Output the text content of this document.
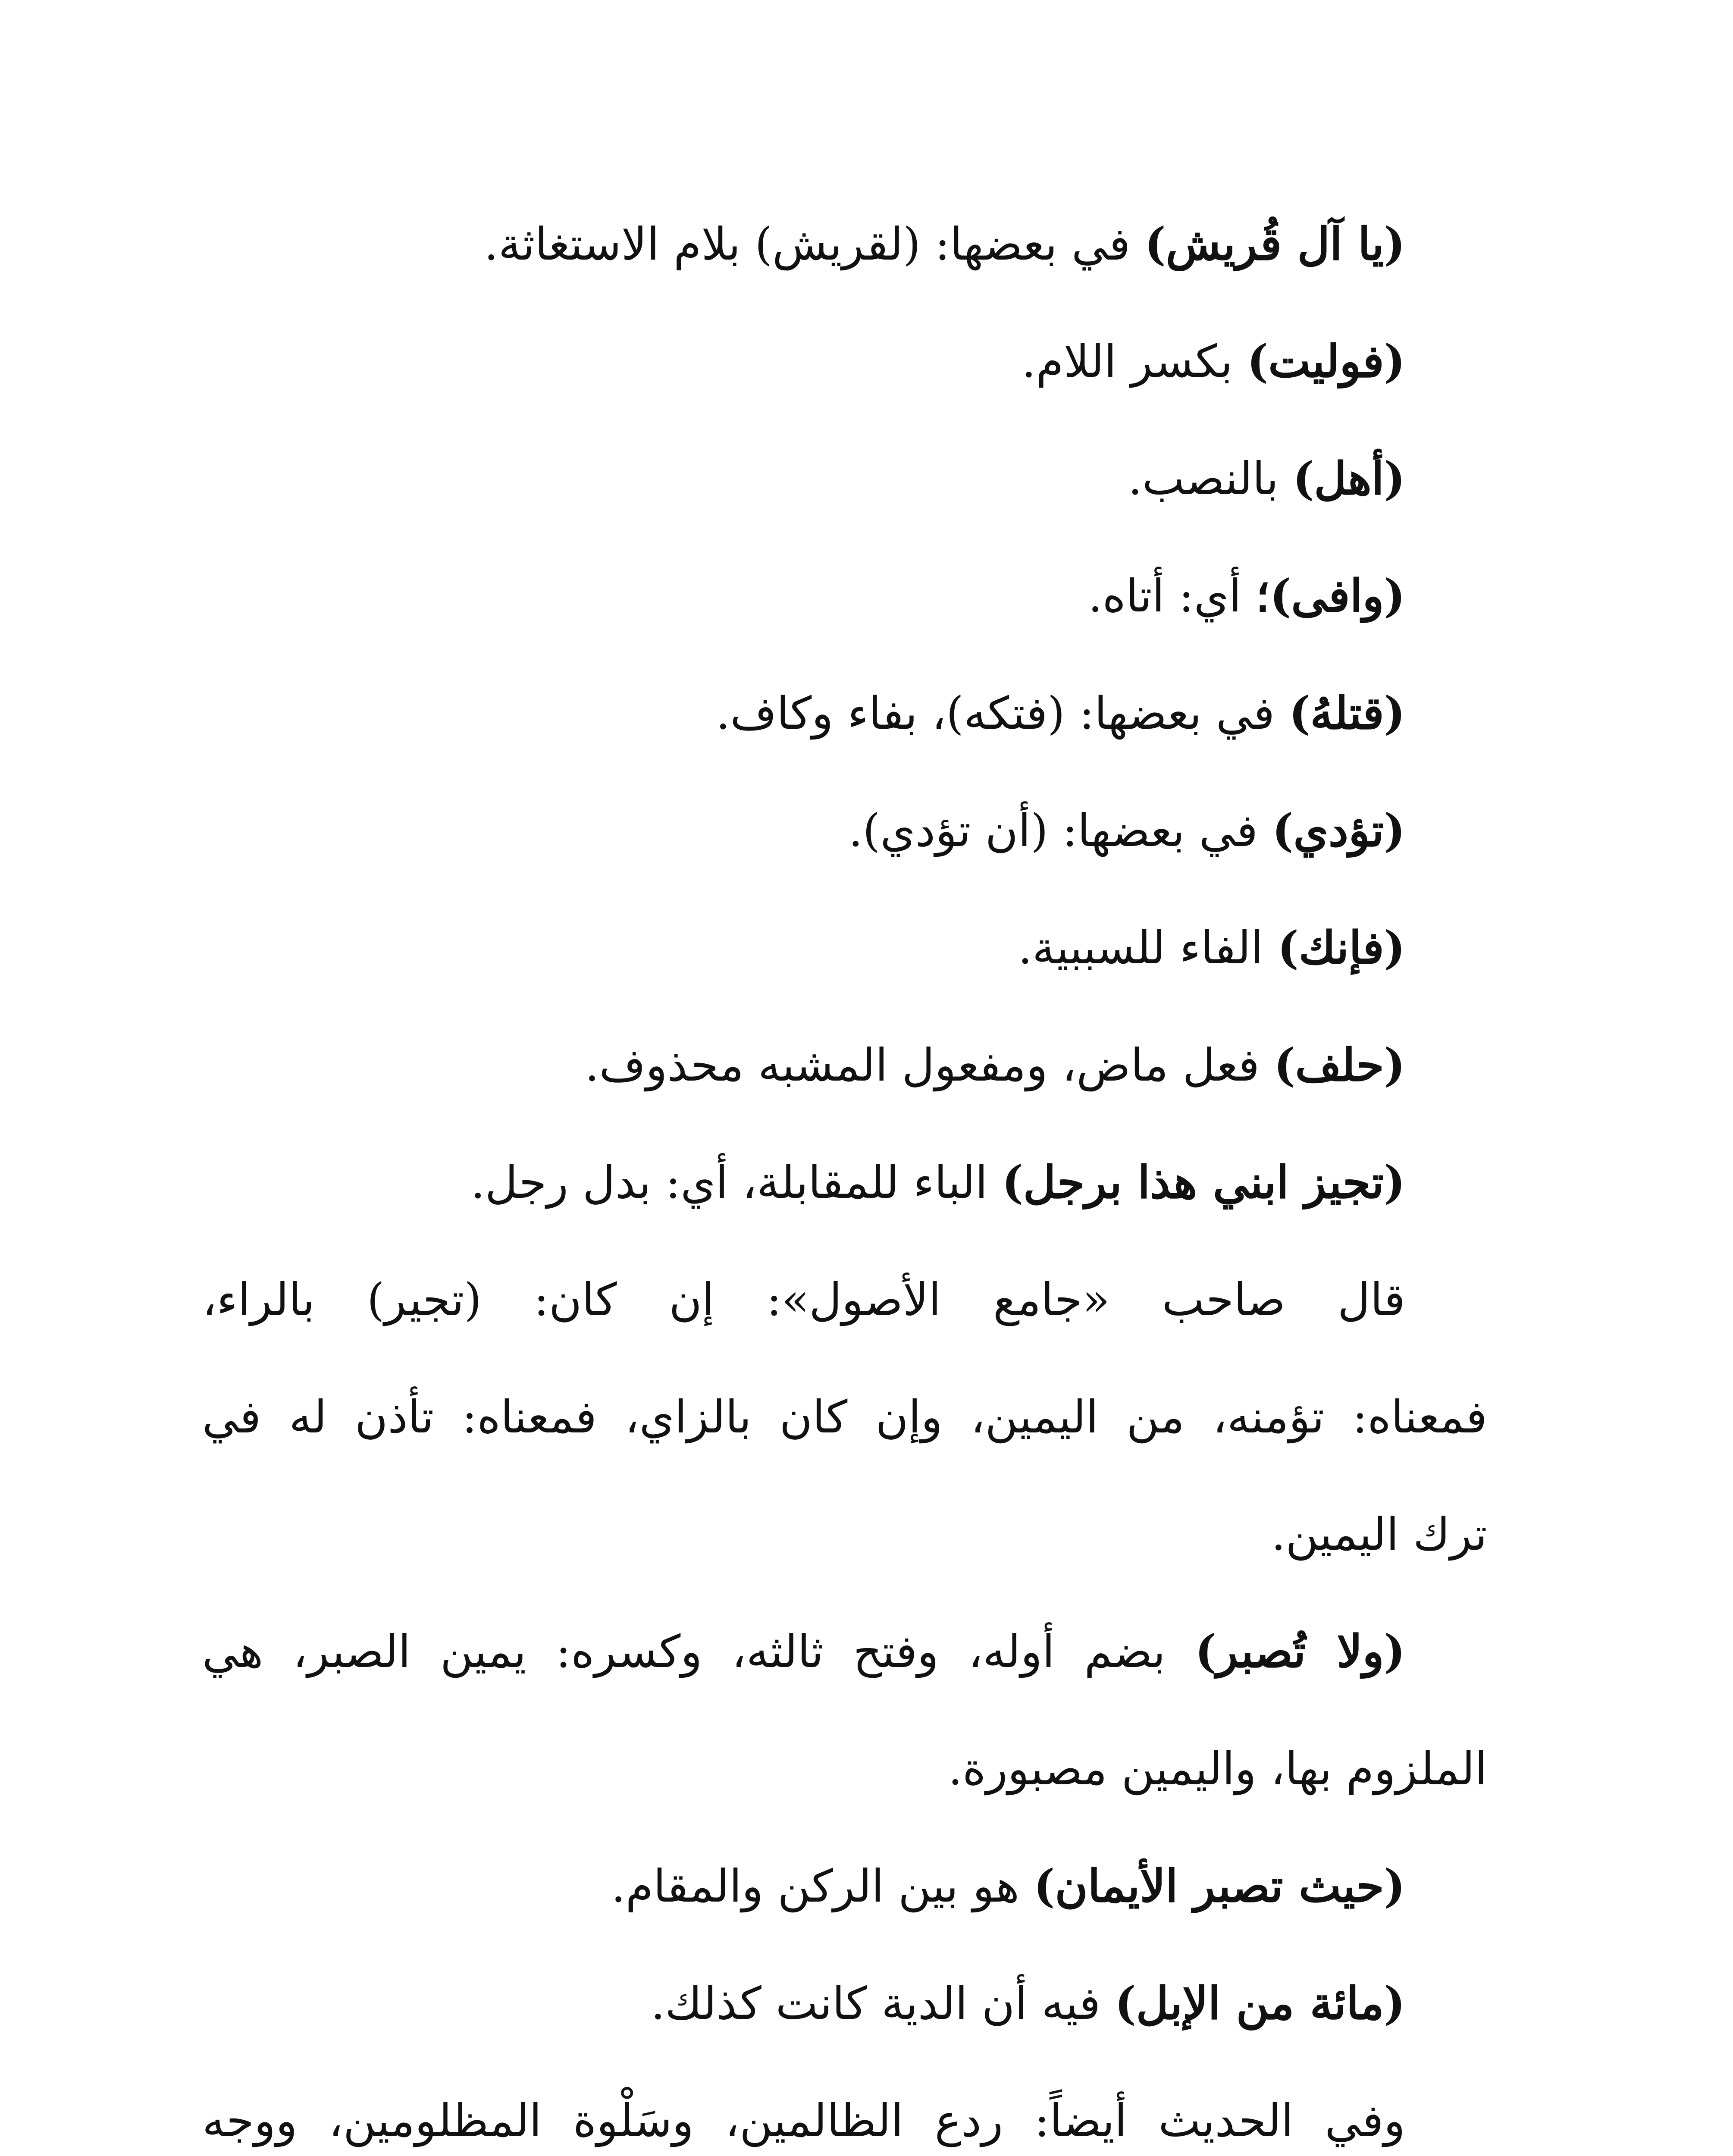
(يا آل قُريش) في بعضها: (لقريش) بلام الاستغاثة.
(فوليت) بكسر اللام.
(أهل) بالنصب.
(وافى)؛ أي: أتاه.
(قتلهُ) في بعضها: (فتكه)، بفاء وكاف.
(تؤدي) في بعضها: (أن تؤدي).
(فإنك) الفاء للسببية.
(حلف) فعل ماض، ومفعول المشبه محذوف.
(تجيز ابني هذا برجل) الباء للمقابلة، أي: بدل رجل.
قال صاحب «جامع الأصول»: إن كان: (تجير) بالراء،
فمعناه: تؤمنه، من اليمين، وإن كان بالزاي، فمعناه: تأذن له في
ترك اليمين.
(ولا تُصبر) بضم أوله، وفتح ثالثه، وكسره: يمين الصبر، هي
الملزوم بها، واليمين مصبورة.
(حيث تصبر الأيمان) هو بين الركن والمقام.
(مائة من الإبل) فيه أن الدية كانت كذلك.
وفي الحديث أيضاً: ردع الظالمين، وسَلْوة المظلومين، ووجه
